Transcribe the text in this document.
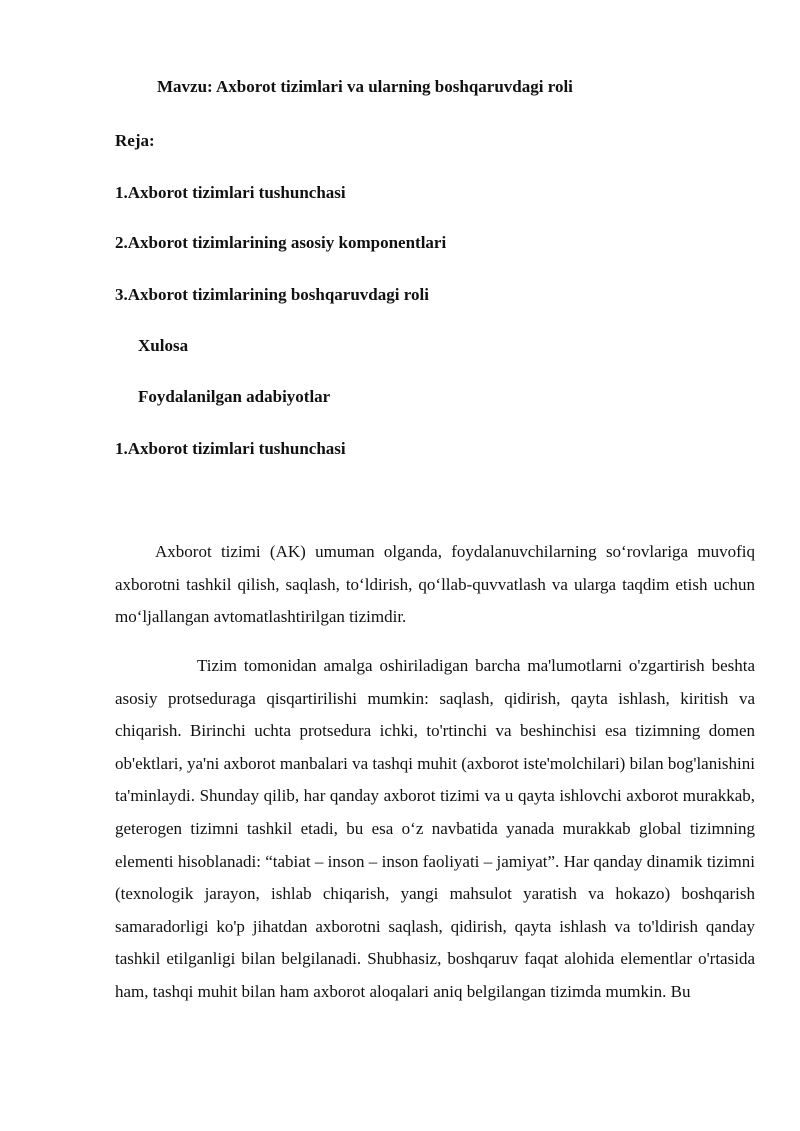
Mavzu: Axborot tizimlari va ularning boshqaruvdagi roli
Reja:
1.Axborot tizimlari tushunchasi
2.Axborot tizimlarining asosiy komponentlari
3.Axborot tizimlarining boshqaruvdagi roli
Xulosa
Foydalanilgan adabiyotlar
1.Axborot tizimlari tushunchasi

Axborot tizimi (AK) umuman olganda, foydalanuvchilarning so‘rovlariga muvofiq axborotni tashkil qilish, saqlash, to‘ldirish, qo‘llab-quvvatlash va ularga taqdim etish uchun mo‘ljallangan avtomatlashtirilgan tizimdir.

Tizim tomonidan amalga oshiriladigan barcha ma'lumotlarni o'zgartirish beshta asosiy protseduraga qisqartirilishi mumkin: saqlash, qidirish, qayta ishlash, kiritish va chiqarish. Birinchi uchta protsedura ichki, to'rtinchi va beshinchisi esa tizimning domen ob'ektlari, ya'ni axborot manbalari va tashqi muhit (axborot iste'molchilari) bilan bog'lanishini ta'minlaydi. Shunday qilib, har qanday axborot tizimi va u qayta ishlovchi axborot murakkab, geterogen tizimni tashkil etadi, bu esa o‘z navbatida yanada murakkab global tizimning elementi hisoblanadi: “tabiat – inson – inson faoliyati – jamiyat”. Har qanday dinamik tizimni (texnologik jarayon, ishlab chiqarish, yangi mahsulot yaratish va hokazo) boshqarish samaradorligi ko'p jihatdan axborotni saqlash, qidirish, qayta ishlash va to'ldirish qanday tashkil etilganligi bilan belgilanadi. Shubhasiz, boshqaruv faqat alohida elementlar o'rtasida ham, tashqi muhit bilan ham axborot aloqalari aniq belgilangan tizimda mumkin. Bu
